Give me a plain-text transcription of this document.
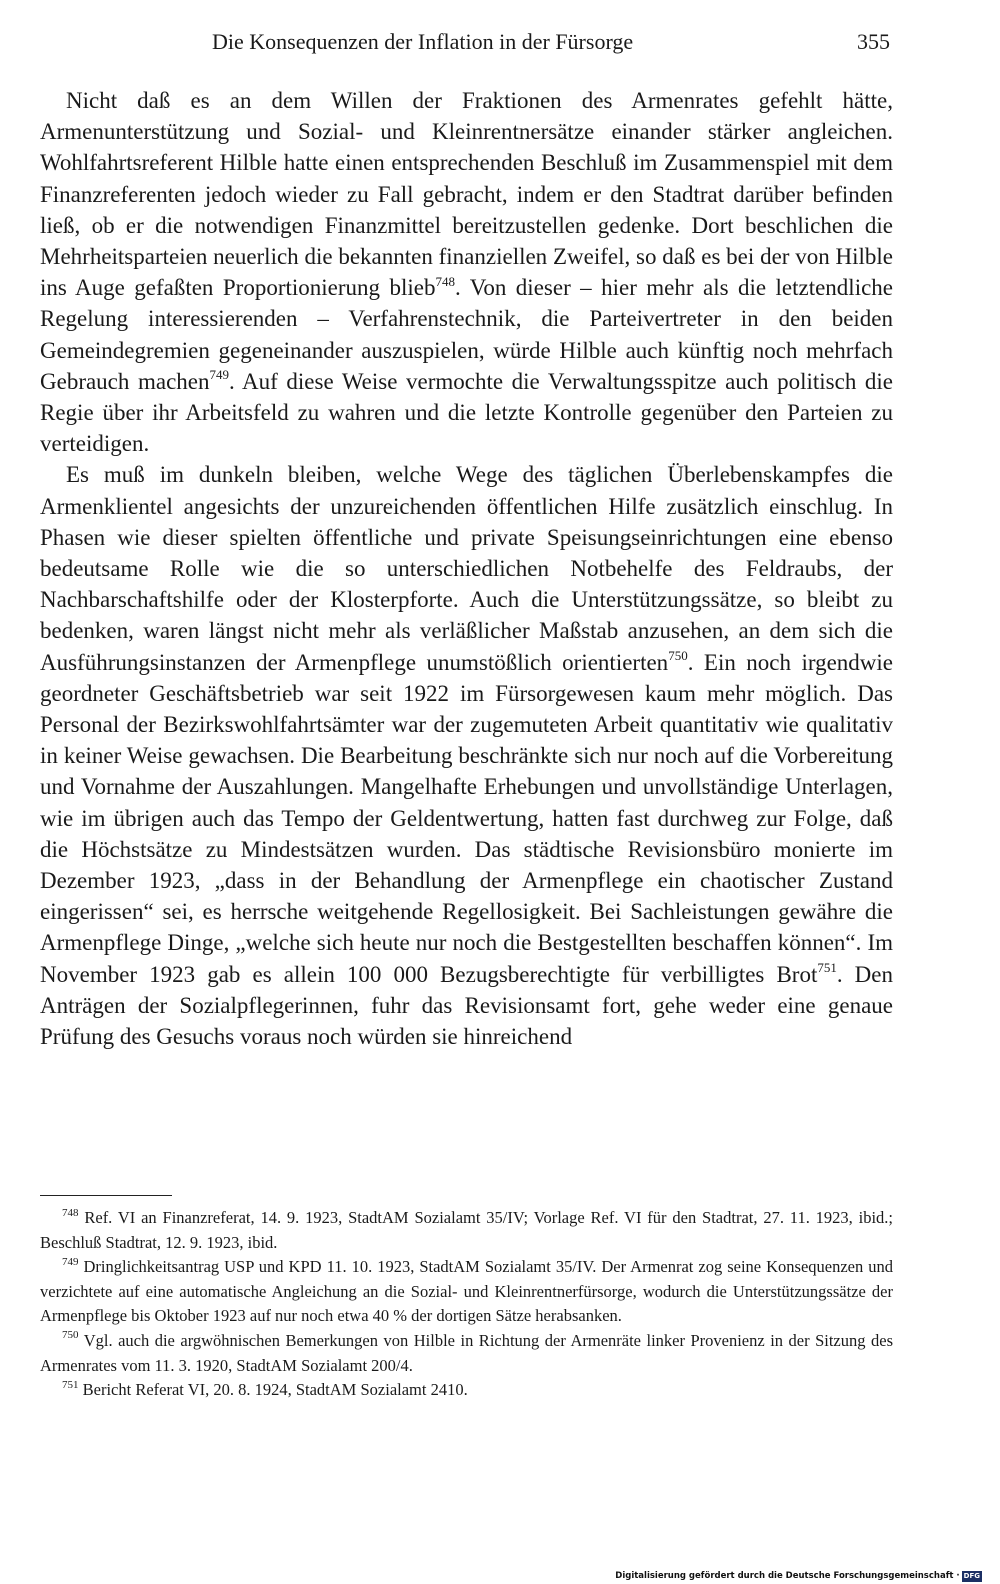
Die Konsequenzen der Inflation in der Fürsorge	355

Nicht daß es an dem Willen der Fraktionen des Armenrates gefehlt hätte, Armenunterstützung und Sozial- und Kleinrentnersätze einander stärker angleichen. Wohlfahrtsreferent Hilble hatte einen entsprechenden Beschluß im Zusammenspiel mit dem Finanzreferenten jedoch wieder zu Fall gebracht, indem er den Stadtrat darüber befinden ließ, ob er die notwendigen Finanzmittel bereitzustellen gedenke. Dort beschlichen die Mehrheitsparteien neuerlich die bekannten finanziellen Zweifel, so daß es bei der von Hilble ins Auge gefaßten Proportionierung blieb$^{748}$. Von dieser – hier mehr als die letztendliche Regelung interessierenden – Verfahrenstechnik, die Parteivertreter in den beiden Gemeindegremien gegeneinander auszuspielen, würde Hilble auch künftig noch mehrfach Gebrauch machen$^{749}$. Auf diese Weise vermochte die Verwaltungsspitze auch politisch die Regie über ihr Arbeitsfeld zu wahren und die letzte Kontrolle gegenüber den Parteien zu verteidigen.

Es muß im dunkeln bleiben, welche Wege des täglichen Überlebenskampfes die Armenklientel angesichts der unzureichenden öffentlichen Hilfe zusätzlich einschlug. In Phasen wie dieser spielten öffentliche und private Speisungseinrichtungen eine ebenso bedeutsame Rolle wie die so unterschiedlichen Notbehelfe des Feldraubs, der Nachbarschaftshilfe oder der Klosterpforte. Auch die Unterstützungssätze, so bleibt zu bedenken, waren längst nicht mehr als verläßlicher Maßstab anzusehen, an dem sich die Ausführungsinstanzen der Armenpflege unumstößlich orientierten$^{750}$. Ein noch irgendwie geordneter Geschäftsbetrieb war seit 1922 im Fürsorgewesen kaum mehr möglich. Das Personal der Bezirkswohlfahrtsämter war der zugemuteten Arbeit quantitativ wie qualitativ in keiner Weise gewachsen. Die Bearbeitung beschränkte sich nur noch auf die Vorbereitung und Vornahme der Auszahlungen. Mangelhafte Erhebungen und unvollständige Unterlagen, wie im übrigen auch das Tempo der Geldentwertung, hatten fast durchweg zur Folge, daß die Höchstsätze zu Mindestsätzen wurden. Das städtische Revisionsbüro monierte im Dezember 1923, „dass in der Behandlung der Armenpflege ein chaotischer Zustand eingerissen“ sei, es herrsche weitgehende Regellosigkeit. Bei Sachleistungen gewähre die Armenpflege Dinge, „welche sich heute nur noch die Bestgestellten beschaffen können“. Im November 1923 gab es allein 100 000 Bezugsberechtigte für verbilligtes Brot$^{751}$. Den Anträgen der Sozialpflegerinnen, fuhr das Revisionsamt fort, gehe weder eine genaue Prüfung des Gesuchs voraus noch würden sie hinreichend

$^{748}$ Ref. VI an Finanzreferat, 14. 9. 1923, StadtAM Sozialamt 35/IV; Vorlage Ref. VI für den Stadtrat, 27. 11. 1923, ibid.; Beschluß Stadtrat, 12. 9. 1923, ibid.

$^{749}$ Dringlichkeitsantrag USP und KPD 11. 10. 1923, StadtAM Sozialamt 35/IV. Der Armenrat zog seine Konsequenzen und verzichtete auf eine automatische Angleichung an die Sozial- und Kleinrentnerfürsorge, wodurch die Unterstützungssätze der Armenpflege bis Oktober 1923 auf nur noch etwa 40 % der dortigen Sätze herabsanken.

$^{750}$ Vgl. auch die argwöhnischen Bemerkungen von Hilble in Richtung der Armenräte linker Provenienz in der Sitzung des Armenrates vom 11. 3. 1920, StadtAM Sozialamt 200/4.

$^{751}$ Bericht Referat VI, 20. 8. 1924, StadtAM Sozialamt 2410.

Digitalisierung gefördert durch die Deutsche Forschungsgemeinschaft · DFG
